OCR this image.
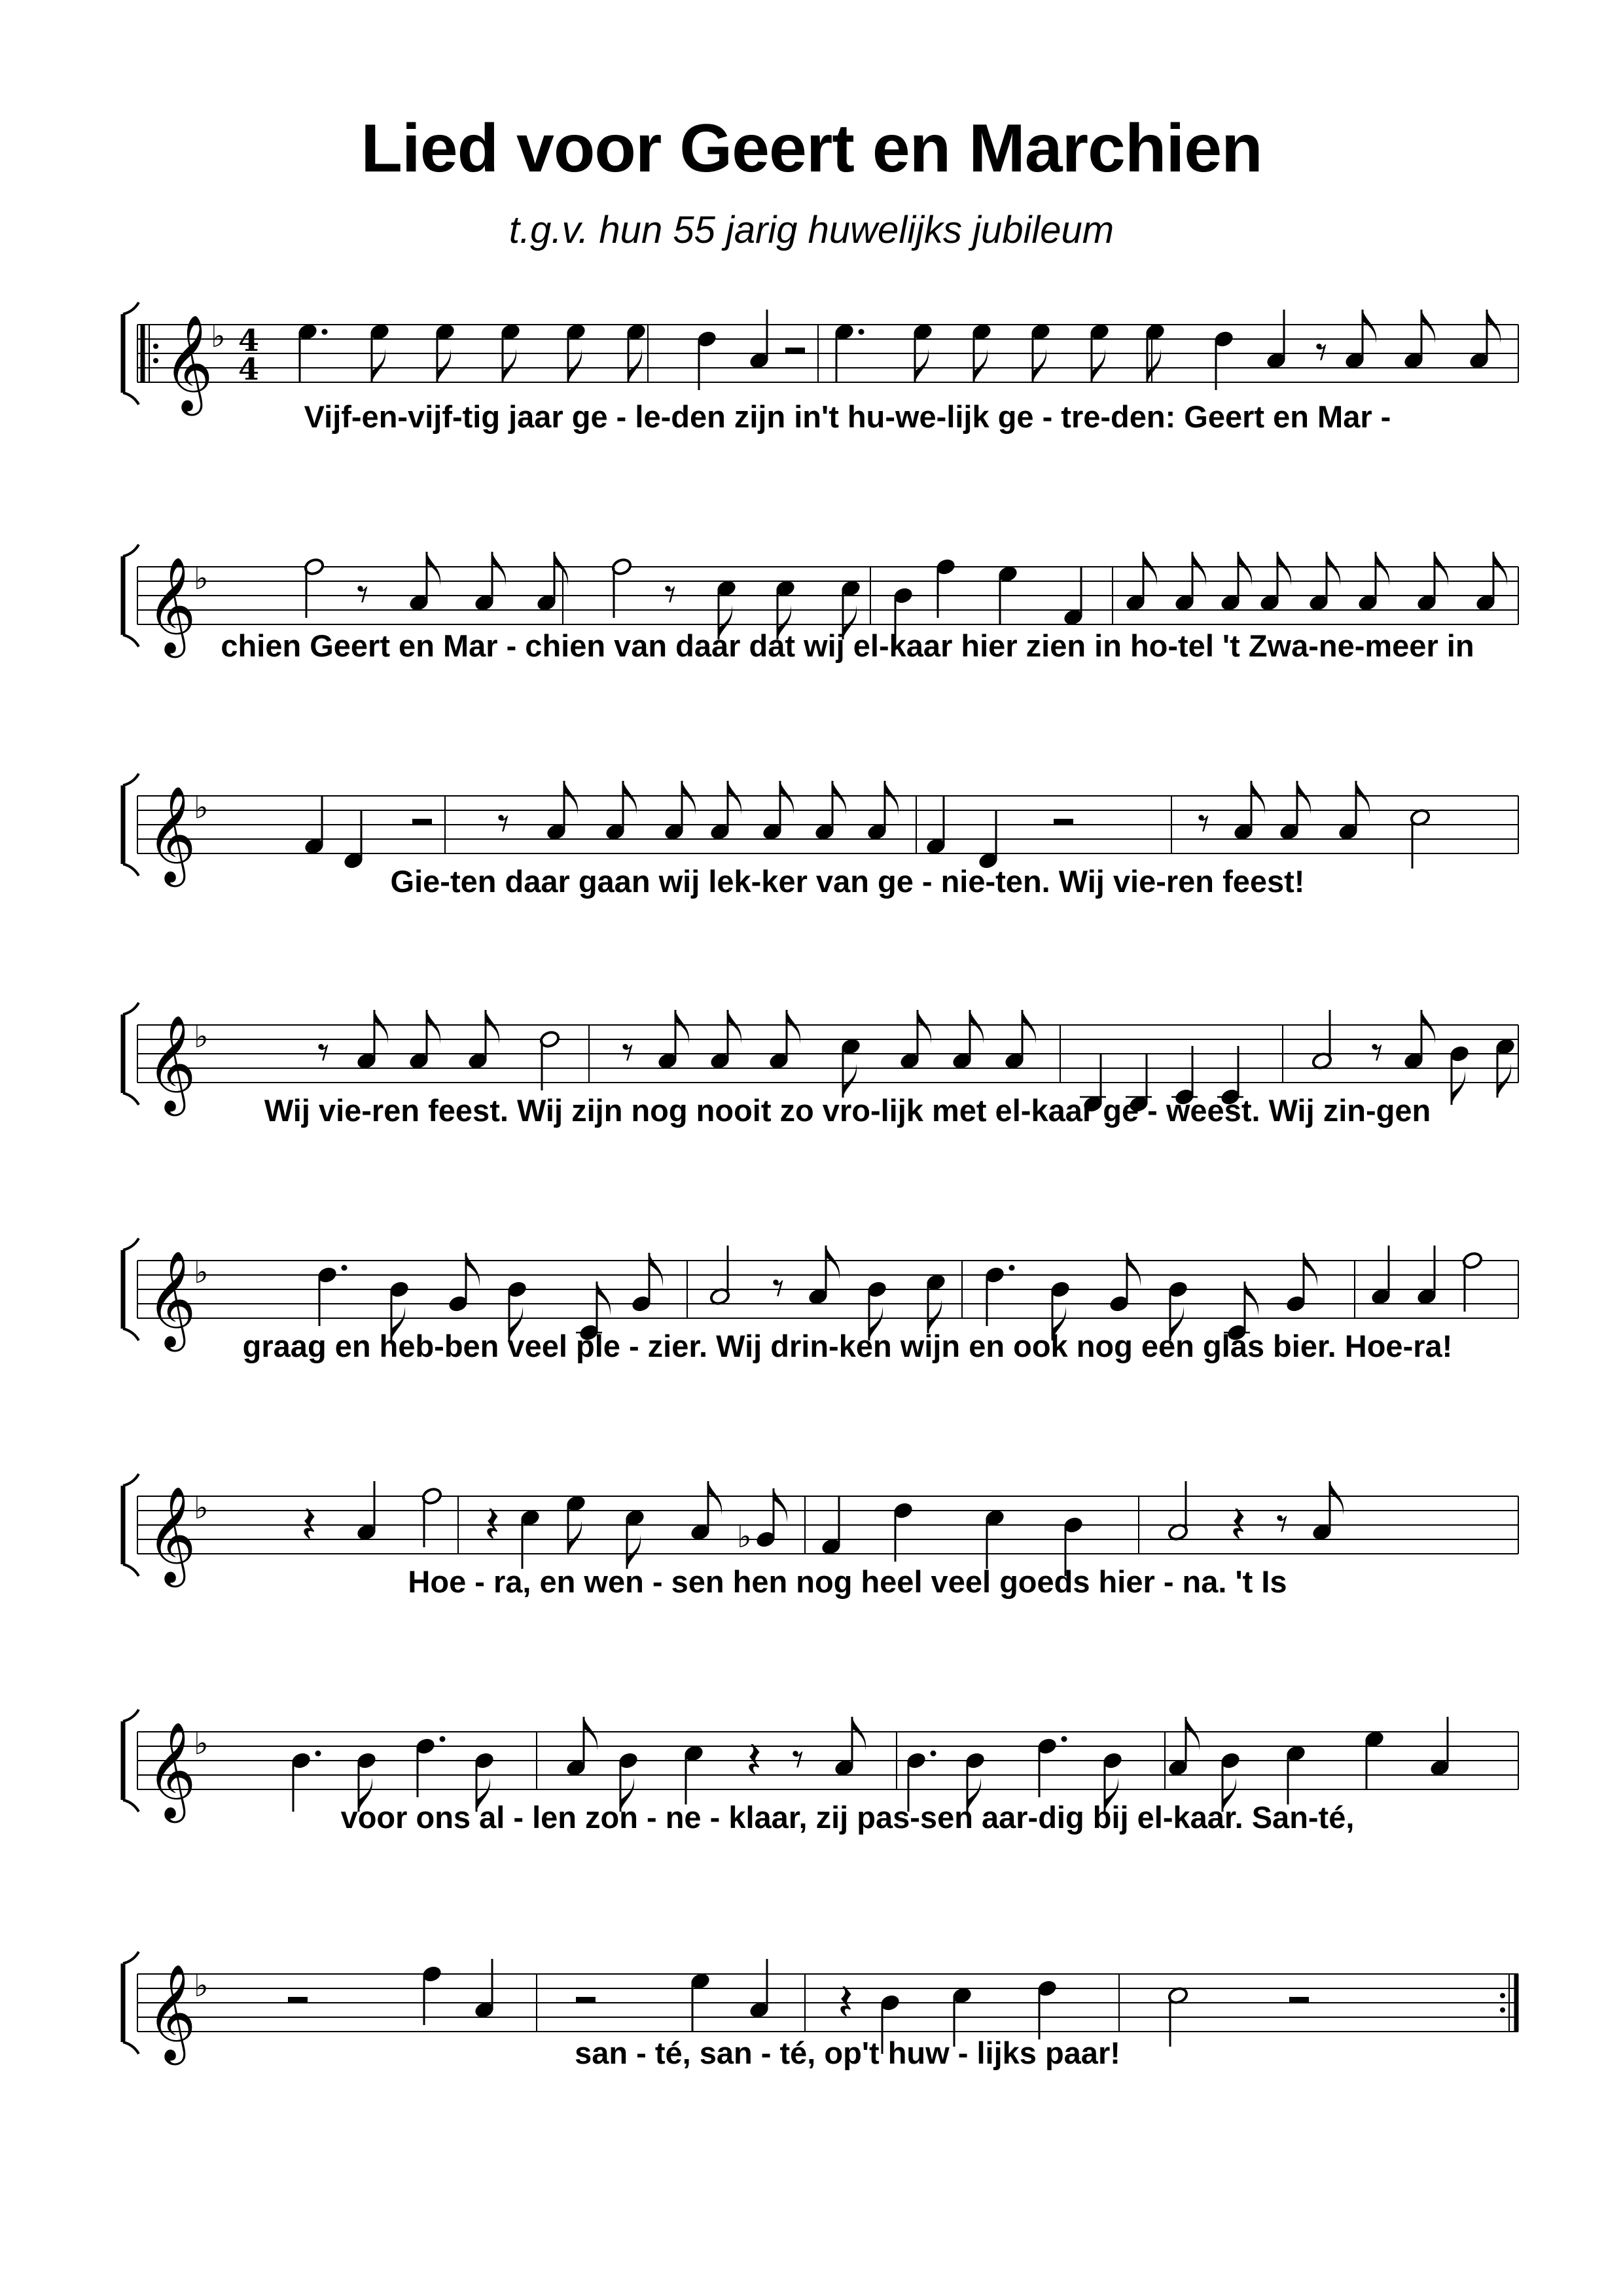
Lied voor Geert en Marchien
t.g.v. hun 55 jarig huwelijks jubileum
𝄞
♭ 4
4	𝄾
Vijf-en-vijf-tig jaar ge - le-den zijn in't hu-we-lijk ge - tre-den: Geert en Mar -
𝄞
♭	𝄾	𝄾
chien Geert en Mar - chien van daar dat wij el-kaar hier zien in ho-tel 't Zwa-ne-meer in
𝄞
♭	𝄾	𝄾
Gie-ten daar gaan wij lek-ker van ge - nie-ten. Wij vie-ren feest!
𝄞
♭ 𝄾	𝄾	𝄾
Wij vie-ren feest. Wij zijn nog nooit zo vro-lijk met el-kaar ge - weest. Wij zin-gen
𝄞
♭	𝄾
graag en heb-ben veel ple - zier. Wij drin-ken wijn en ook nog een glas bier. Hoe-ra!
𝄞
♭ 𝄽	𝄽	♭	𝄽 𝄾
Hoe - ra, en wen - sen hen nog heel veel goeds hier - na. 't Is
𝄞
♭	𝄽 𝄾
voor ons al - len zon - ne - klaar, zij pas-sen aar-dig bij el-kaar. San-té,
𝄞
♭	𝄽
san - té, san - té, op't huw - lijks paar!
